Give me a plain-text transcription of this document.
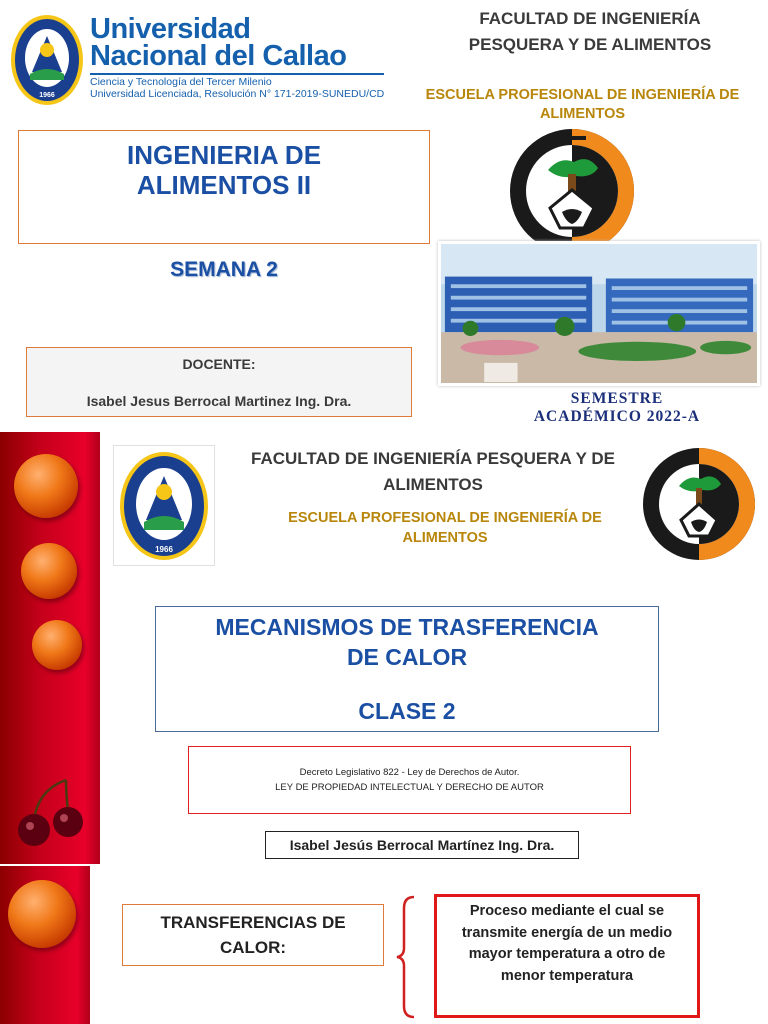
1966
Universidad
Nacional del Callao
Ciencia y Tecnología del Tercer Milenio
Universidad Licenciada, Resolución N° 171-2019-SUNEDU/CD
FACULTAD DE INGENIERÍA
PESQUERA Y DE ALIMENTOS
ESCUELA PROFESIONAL DE INGENIERÍA DE
ALIMENTOS
INGENIERIA DE
ALIMENTOS II
SEMANA 2
DOCENTE:
Isabel Jesus Berrocal Martinez Ing. Dra.	SEMESTRE
ACADÉMICO 2022-A
1966
FACULTAD DE INGENIERÍA PESQUERA Y DE
ALIMENTOS
ESCUELA PROFESIONAL DE INGENIERÍA DE
ALIMENTOS
MECANISMOS DE TRASFERENCIA
DE CALOR
CLASE 2
Decreto Legislativo 822 - Ley de Derechos de Autor.
LEY DE PROPIEDAD INTELECTUAL Y DERECHO DE AUTOR
Isabel Jesús Berrocal Martínez Ing. Dra.
TRANSFERENCIAS DE
CALOR:
Proceso mediante el cual se
transmite energía de un medio
mayor temperatura a otro de
menor temperatura
